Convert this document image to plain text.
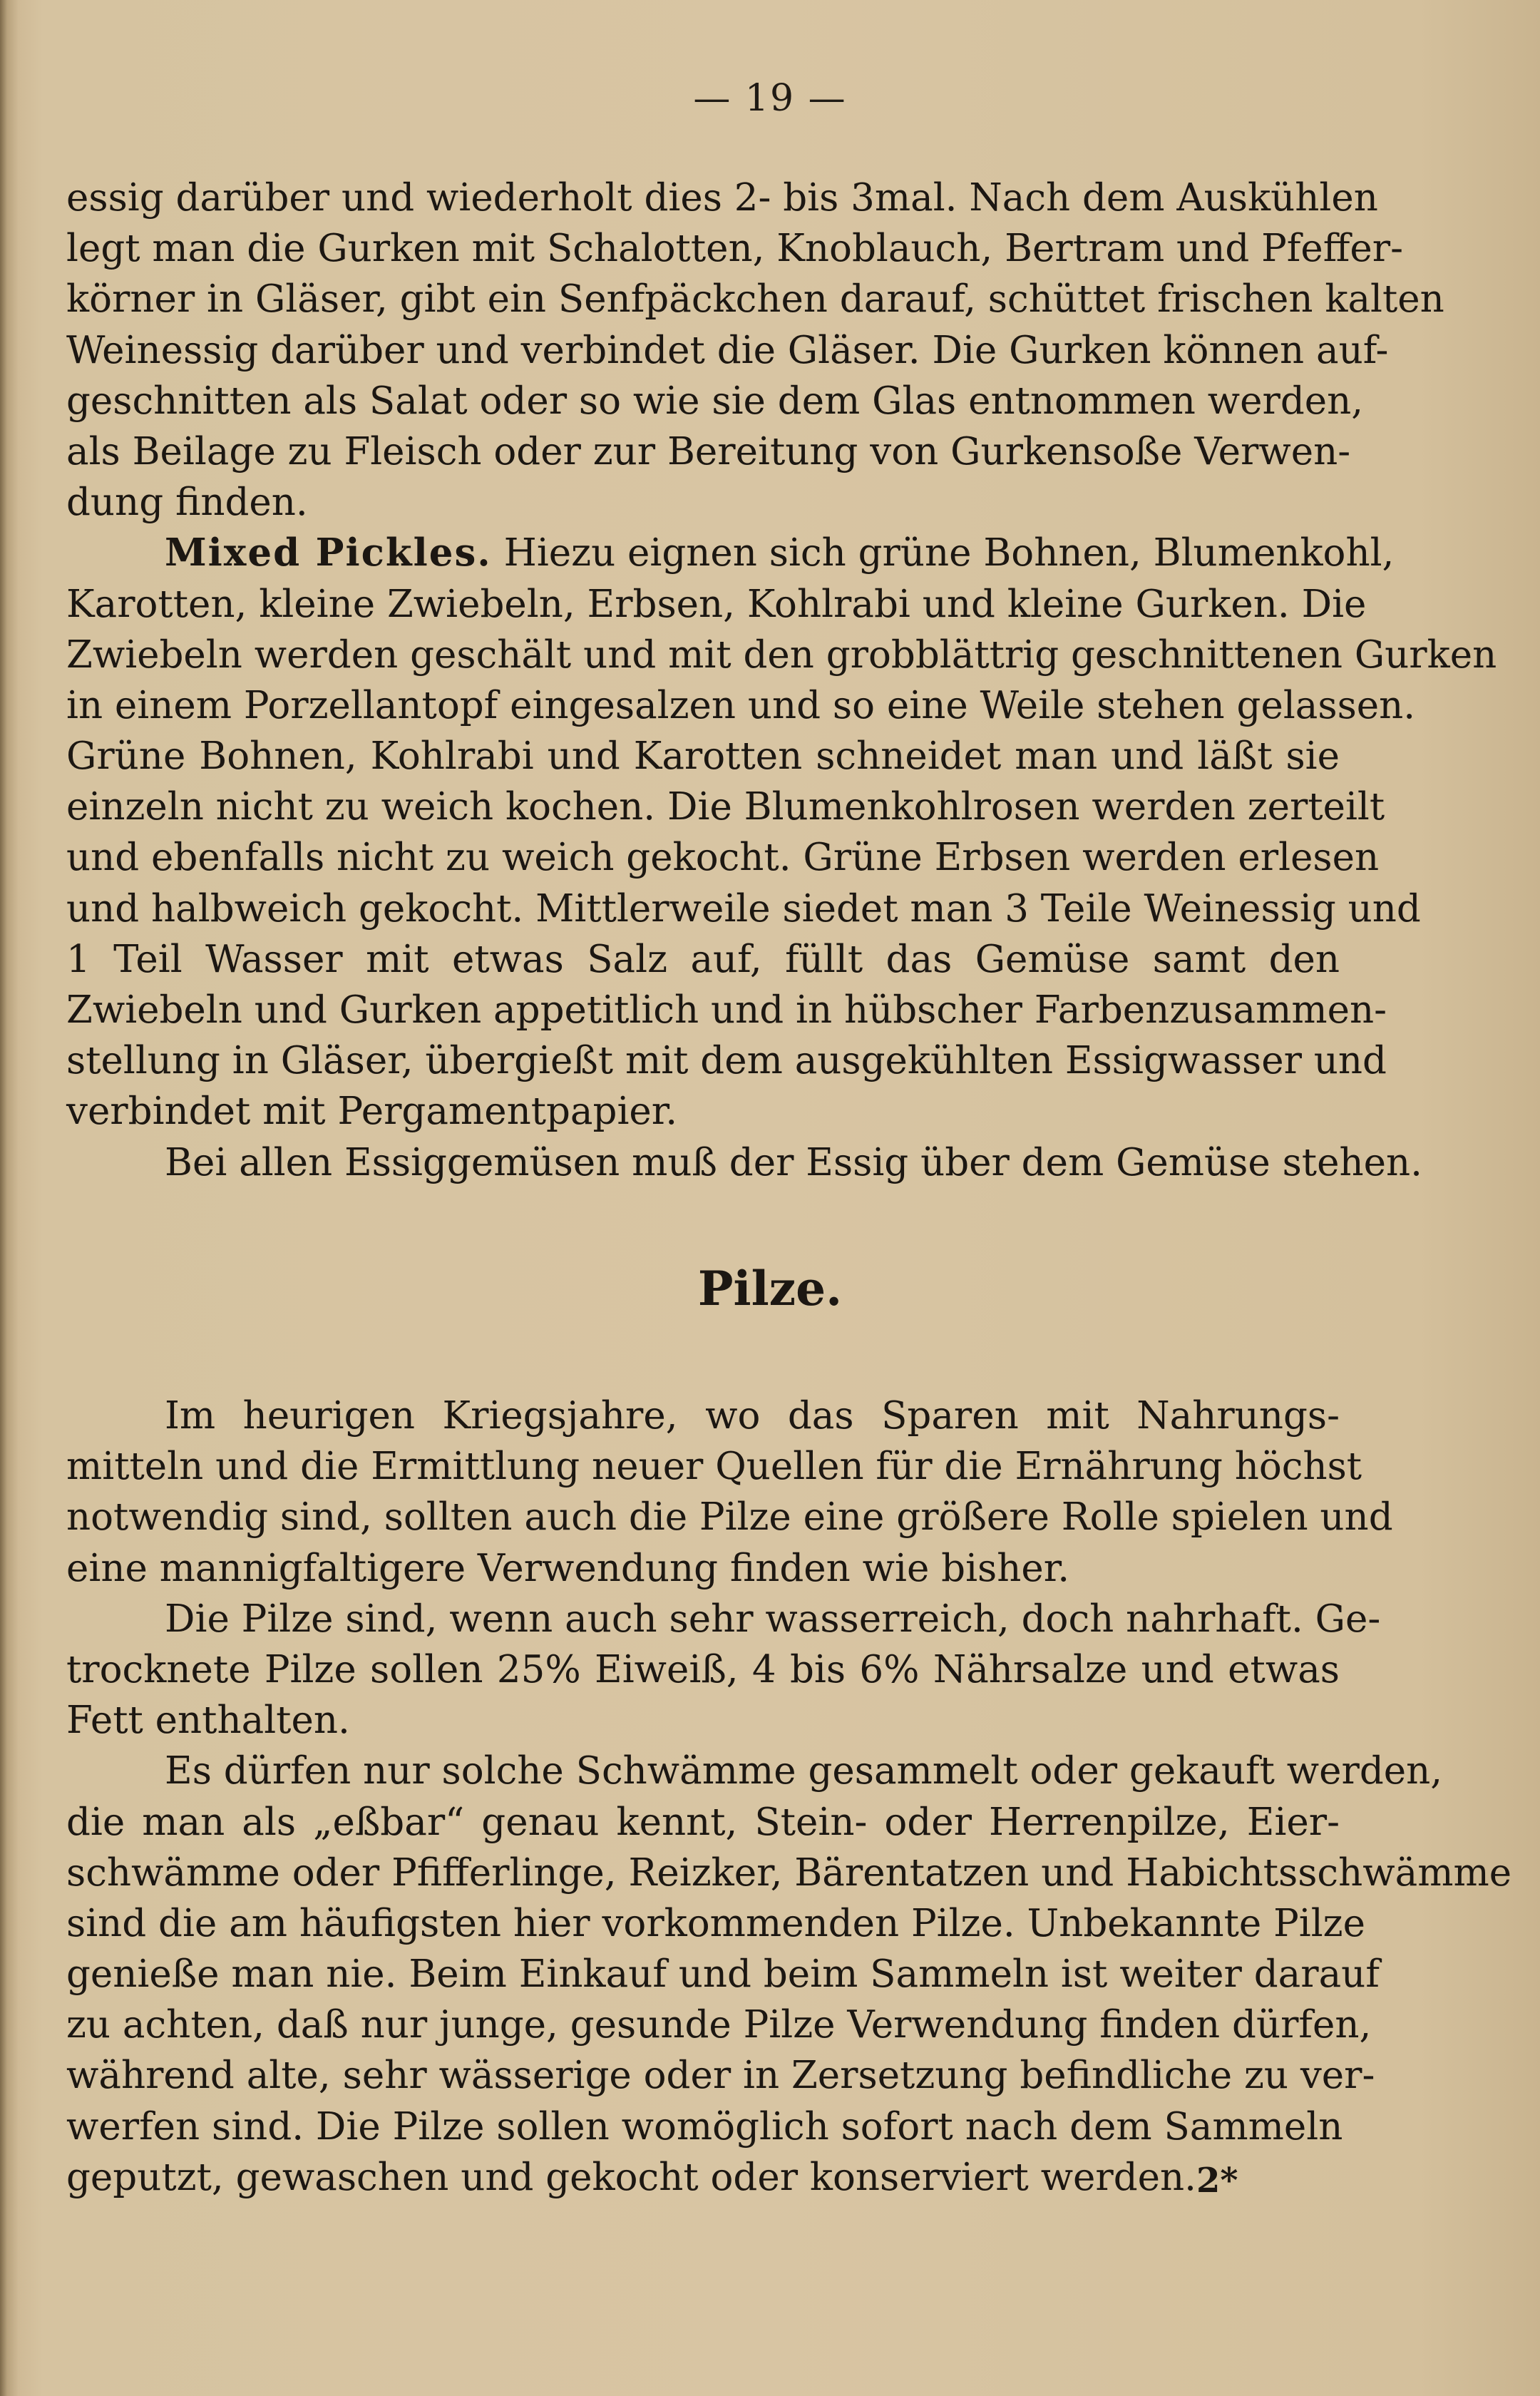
— 19 —
essig darüber und wiederholt dies 2- bis 3mal. Nach dem Auskühlen
legt man die Gurken mit Schalotten, Knoblauch, Bertram und Pfeffer-
körner in Gläser, gibt ein Senfpäckchen darauf, schüttet frischen kalten
Weinessig darüber und verbindet die Gläser. Die Gurken können auf-
geschnitten als Salat oder so wie sie dem Glas entnommen werden,
als Beilage zu Fleisch oder zur Bereitung von Gurkensoße Verwen-
dung finden.
Mixed Pickles. Hiezu eignen sich grüne Bohnen, Blumenkohl,
Karotten, kleine Zwiebeln, Erbsen, Kohlrabi und kleine Gurken. Die
Zwiebeln werden geschält und mit den grobblättrig geschnittenen Gurken
in einem Porzellantopf eingesalzen und so eine Weile stehen gelassen.
Grüne Bohnen, Kohlrabi und Karotten schneidet man und läßt sie
einzeln nicht zu weich kochen. Die Blumenkohlrosen werden zerteilt
und ebenfalls nicht zu weich gekocht. Grüne Erbsen werden erlesen
und halbweich gekocht. Mittlerweile siedet man 3 Teile Weinessig und
1 Teil Wasser mit etwas Salz auf, füllt das Gemüse samt den
Zwiebeln und Gurken appetitlich und in hübscher Farbenzusammen-
stellung in Gläser, übergießt mit dem ausgekühlten Essigwasser und
verbindet mit Pergamentpapier.
Bei allen Essiggemüsen muß der Essig über dem Gemüse stehen.
Pilze.
Im heurigen Kriegsjahre, wo das Sparen mit Nahrungs-
mitteln und die Ermittlung neuer Quellen für die Ernährung höchst
notwendig sind, sollten auch die Pilze eine größere Rolle spielen und
eine mannigfaltigere Verwendung finden wie bisher.
Die Pilze sind, wenn auch sehr wasserreich, doch nahrhaft. Ge-
trocknete Pilze sollen 25% Eiweiß, 4 bis 6% Nährsalze und etwas
Fett enthalten.
Es dürfen nur solche Schwämme gesammelt oder gekauft werden,
die man als „eßbar“ genau kennt, Stein- oder Herrenpilze, Eier-
schwämme oder Pfifferlinge, Reizker, Bärentatzen und Habichtsschwämme
sind die am häufigsten hier vorkommenden Pilze. Unbekannte Pilze
genieße man nie. Beim Einkauf und beim Sammeln ist weiter darauf
zu achten, daß nur junge, gesunde Pilze Verwendung finden dürfen,
während alte, sehr wässerige oder in Zersetzung befindliche zu ver-
werfen sind. Die Pilze sollen womöglich sofort nach dem Sammeln
geputzt, gewaschen und gekocht oder konserviert werden. 2*
